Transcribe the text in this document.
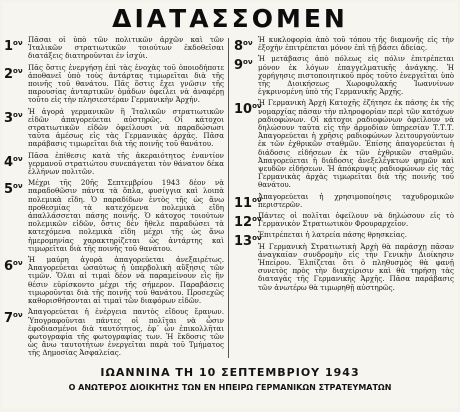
ΔΙΑΤΑΣΣΟΜΕΝ
$1^{o\nu}$ Πᾶσαι οἱ ὑπὸ τῶν πολιτικῶν ἀρχῶν καὶ τῶν Ἰταλικῶν στρατιωτικῶν τοιούτων ἐκδοθεῖσαι διατάξεις διατηροῦνται ἐν ἰσχύι.
$2^{o\nu}$ Πᾶς ὅστις ἐνεργήσῃ ἐπὶ τὰς ἐνοχὰς τοῦ ὁποιοδήποτε ἀποθανεῖ ὑπὸ τοὺς ἀντάρτας τιμωρεῖται διὰ τῆς ποινῆς τοῦ θανάτου. Πᾶς ὅστις ἔχει γνῶσιν τῆς παρουσίας ἀνταρτικῶν ὁμάδων ὀφείλει νὰ ἀναφέρῃ τοῦτο εἰς τὴν πλησιεστέραν Γερμανικὴν Ἀρχήν.
$3^{o\nu}$ Ἡ ἀγορά γερμανικῶν ἢ Ἰταλικῶν στρατιωτικῶν εἰδῶν ἀπαγορεύεται αὐστηρῶς. Οἱ κάτοχοι στρατιωτικῶν εἰδῶν ὀφείλουσι νὰ παραδώσωσι ταῦτα ἀμέσως εἰς τὰς Γερμανικὰς ἀρχάς. Πᾶσα παράβασις τιμωρεῖται διὰ τῆς ποινῆς τοῦ θανάτου.
$4^{o\nu}$ Πᾶσα ἐπίθεσις κατὰ τῆς ἀκεραιότητος ἐναντίον γερμανοῦ στρατιώτου συνεπάγεται τὸν θάνατον δέκα ἑλλήνων πολιτῶν.
$5^{o\nu}$ Μέχρι τῆς 20ῆς Σεπτεμβρίου 1943 δέον νὰ παραδοθῶσιν πάντα τὰ ὅπλα, φυσίγγια καὶ λοιπὰ πολεμικὰ εἴδη. Ὁ παραδίδων ἐντὸς τῆς ὡς ἄνω προθεσμίας τὰ κατεχόμενα πολεμικὰ εἴδη ἀπαλλάσσεται πάσης ποινῆς. Ὁ κάτοχος τοιούτων πολεμικῶν εἰδῶν, ὅστις δὲν ἤθελε παραδώσει τὰ κατεχόμενα πολεμικὰ εἴδη μέχρι τῆς ὡς ἄνω ἡμερομηνίας χαρακτηρίζεται ὡς ἀντάρτης καὶ τιμωρεῖται διὰ τῆς ποινῆς τοῦ θανάτου.
$6^{o\nu}$ Ἡ μαύρη ἀγορὰ ἀπαγορεύεται ἀνεξαιρέτως. Ἀπαγορεύεται ὡσαύτως ἡ ὑπερβολικὴ αὔξησις τῶν τιμῶν. Ὅλαι αἱ τιμαὶ δέον νὰ παραμείνουν εἰς ἣν θέσιν εὑρίσκοντο μέχρι τῆς σήμερον. Παραβάσεις τιμωροῦνται διὰ τῆς ποινῆς τοῦ θανάτου. Προσεχῶς καθορισθήσονται αἱ τιμαὶ τῶν διαφόρων εἰδῶν.
$7^{o\nu}$ Ἀπαγορεύεται ἡ ἐνέργεια παντὸς εἴδους ἔρανων. Ὑπογραφοῦνται πάντες οἱ πολῖται νὰ ὦσιν ἐφοδιασμένοι διὰ ταυτότητος, ἐφ᾽ ὧν ἐπικολλῆται φωτογραφία τῆς φωτογραφίας των. Ἡ ἔκδοσις τῶν ὡς ἄνω ταυτοτήτων ἐνεργεῖται παρὰ τοῦ Τμήματος τῆς Δημοσίας Ἀσφαλείας.
$8^{o\nu}$ Ἡ κυκλοφορία ἀπὸ τοῦ τόπου τῆς διαμονῆς εἰς τὴν ἐξοχὴν ἐπιτρέπεται μόνον ἐπὶ τῇ βάσει ἀδείας.
$9^{o\nu}$ Ἡ μετάβασις ἀπὸ πόλεως εἰς πόλιν ἐπιτρέπεται μόνον ἐκ λόγων ἐπαγγελματικῆς ἀνάγκης. Ἡ χορήγησις πιστοποιητικοῦ πρὸς τοῦτο ἐνεργεῖται ὑπὸ τῆς Διοικήσεως Χωροφυλακῆς Ἰωαννίνων ἐγκρινομένη ὑπὸ τῆς Γερμανικῆς Ἀρχῆς.
$10^{o\nu}$
Ἡ Γερμανικὴ Ἀρχὴ Κατοχῆς ἐζήτησε ἐκ πάσης ἐκ τῆς νομαρχίας πᾶσαν τὴν πληροφορίαν περὶ τῶν κατόχων ραδιοφώνων. Οἱ κάτοχοι ραδιοφώνων ὀφείλουν νὰ δηλώσουν ταῦτα εἰς τὴν ἁρμοδίαν ὑπηρεσίαν Τ.Τ.Τ. Ἀπαγορεύεται ἡ χρῆσις ραδιοφώνων λειτουργούντων ἐκ τῶν ἐχθρικῶν σταθμῶν. Ἐπίσης ἀπαγορεύεται ἡ διάδοσις εἰδήσεων ἐκ τῶν ἐχθρικῶν σταθμῶν. Ἀπαγορεύεται ἡ διάδοσις ἀνεξελέγκτων φημῶν καὶ ψευδῶν εἰδήσεων. Ἡ ἀπόκρυψις ραδιοφώνων εἰς τὰς Γερμανικὰς ἀρχὰς τιμωρεῖται διὰ τῆς ποινῆς τοῦ θανάτου.
$11^{o\nu}$
Ἀπαγορεύεται ἡ χρησιμοποίησις ταχυδρομικῶν περιστερῶν.
$12^{o\nu}$
Πάντες οἱ πολῖται ὀφείλουν νὰ δηλώσουν εἰς τὸ Γερμανικὸν Στρατιωτικὸν Φρουραρχεῖον.
$13^{o\nu}$
Ἐπιτρέπεται ἡ λατρεία πάσης θρησκείας.
Ἡ Γερμανικὴ Στρατιωτικὴ Ἀρχὴ θὰ παράσχῃ πᾶσαν ἀναγκαίαν συνδρομὴν εἰς τὴν Γενικὴν Διοίκησιν Ἠπείρου. Ἐλπίζεται ὅτι ὁ πληθυσμὸς θὰ φανῇ συνετὸς πρὸς τὴν διαχείρισιν καὶ θὰ τηρήσῃ τὰς διαταγὰς τῆς Γερμανικῆς Ἀρχῆς. Πᾶσα παράβασις τῶν ἀνωτέρω θὰ τιμωρηθῇ αὐστηρῶς.
ΙΩΑΝΝΙΝΑ ΤΗ 10 ΣΕΠΤΕΜΒΡΙΟΥ 1943
Ο ΑΝΩΤΕΡΟΣ ΔΙΟΙΚΗΤΗΣ ΤΩΝ ΕΝ ΗΠΕΙΡΩ ΓΕΡΜΑΝΙΚΩΝ ΣΤΡΑΤΕΥΜΑΤΩΝ
